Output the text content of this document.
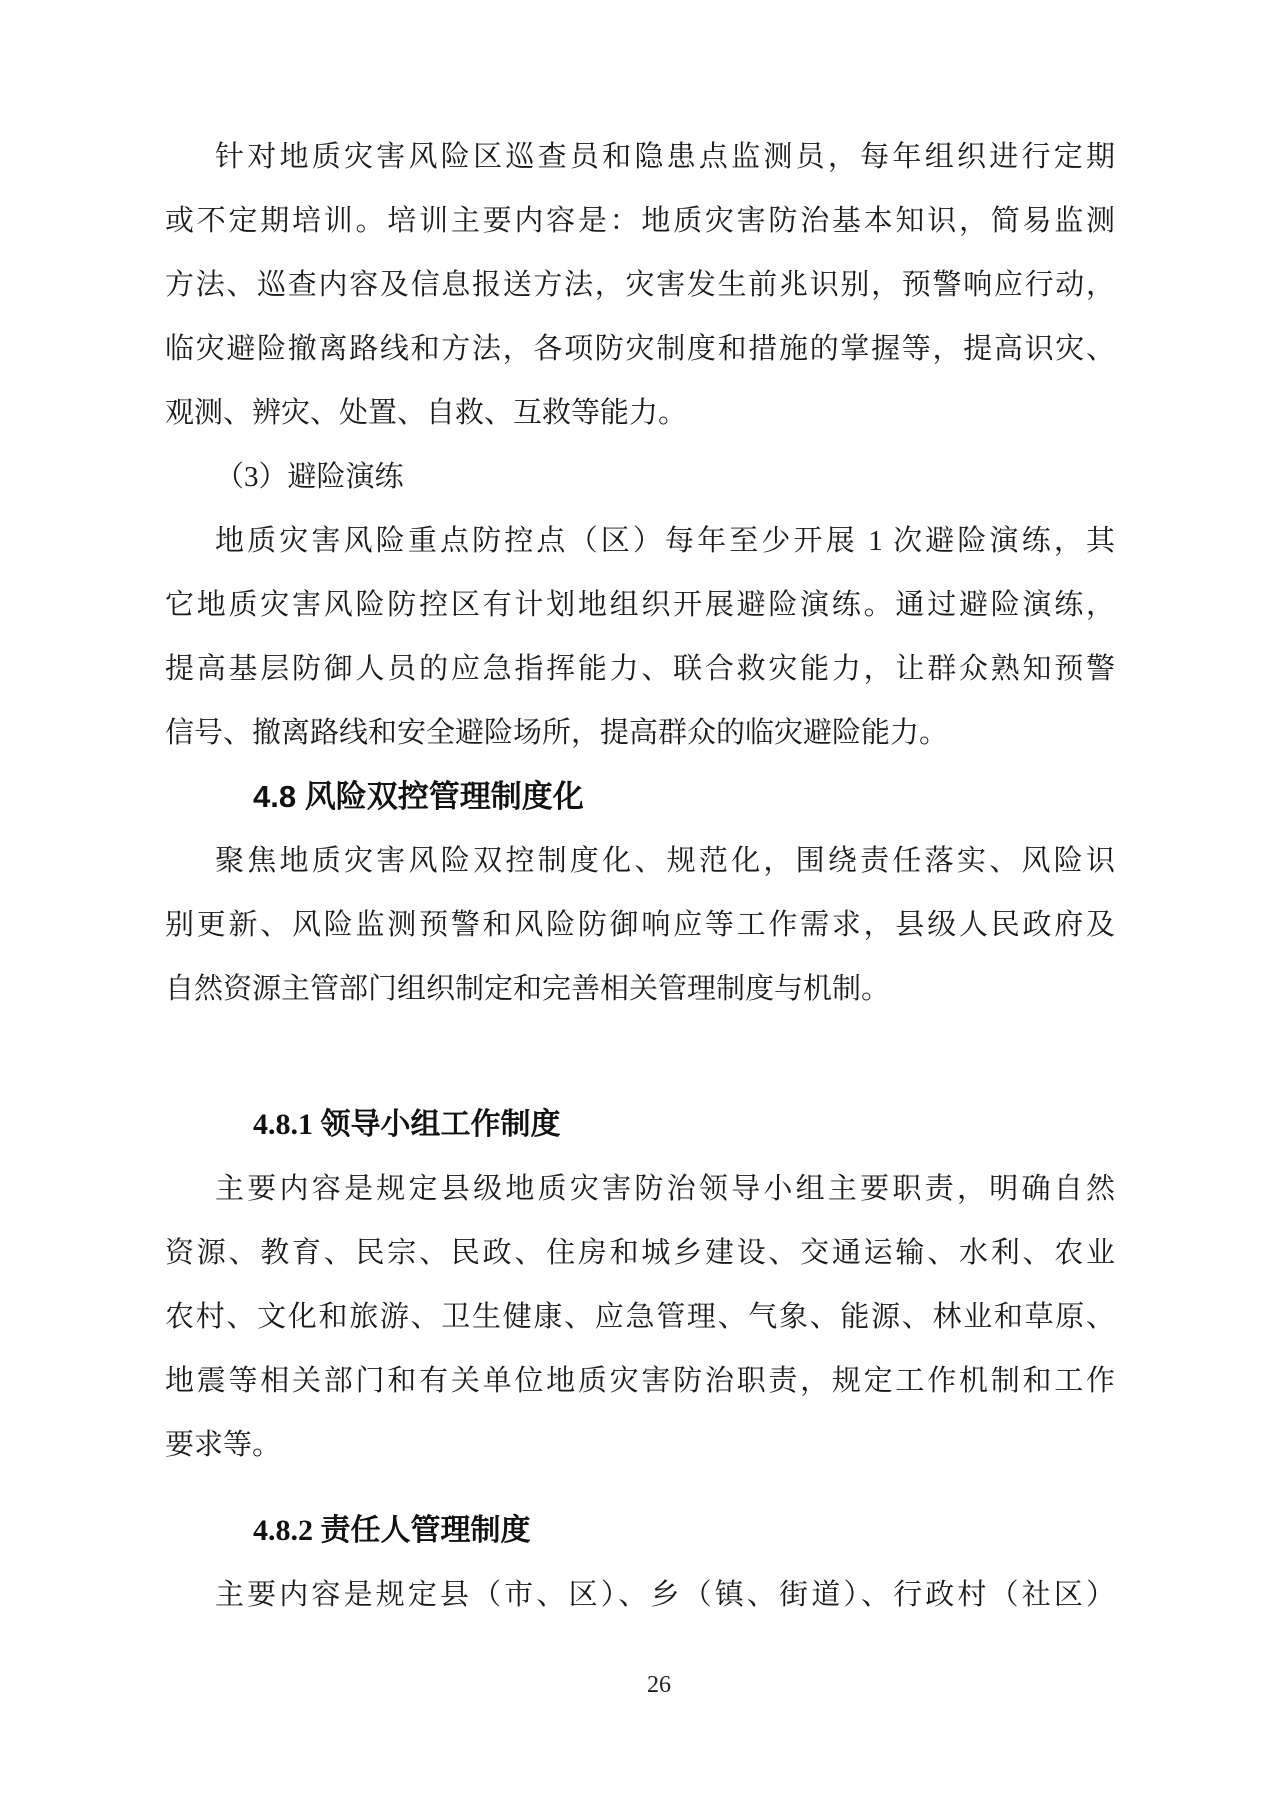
针对地质灾害风险区巡查员和隐患点监测员，每年组织进行定期
或不定期培训。培训主要内容是：地质灾害防治基本知识，简易监测
方法、巡查内容及信息报送方法，灾害发生前兆识别，预警响应行动，
临灾避险撤离路线和方法，各项防灾制度和措施的掌握等，提高识灾、
观测、辨灾、处置、自救、互救等能力。
（3）避险演练
地质灾害风险重点防控点（区）每年至少开展 1 次避险演练，其
它地质灾害风险防控区有计划地组织开展避险演练。通过避险演练，
提高基层防御人员的应急指挥能力、联合救灾能力，让群众熟知预警
信号、撤离路线和安全避险场所，提高群众的临灾避险能力。
4.8 风险双控管理制度化
聚焦地质灾害风险双控制度化、规范化，围绕责任落实、风险识
别更新、风险监测预警和风险防御响应等工作需求，县级人民政府及
自然资源主管部门组织制定和完善相关管理制度与机制。
4.8.1 领导小组工作制度
主要内容是规定县级地质灾害防治领导小组主要职责，明确自然
资源、教育、民宗、民政、住房和城乡建设、交通运输、水利、农业
农村、文化和旅游、卫生健康、应急管理、气象、能源、林业和草原、
地震等相关部门和有关单位地质灾害防治职责，规定工作机制和工作
要求等。
4.8.2 责任人管理制度
主要内容是规定县（市、区）、乡（镇、街道）、行政村（社区）
26
